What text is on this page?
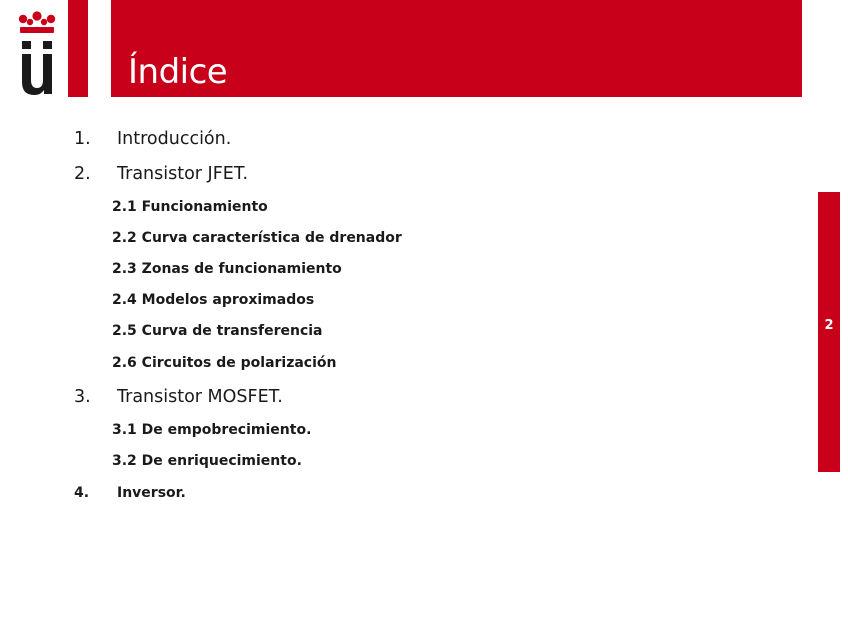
Índice
2
1. Introducción.
2. Transistor JFET.
2.1 Funcionamiento
2.2 Curva característica de drenador
2.3 Zonas de funcionamiento
2.4 Modelos aproximados
2.5 Curva de transferencia
2.6 Circuitos de polarización
3. Transistor MOSFET.
3.1 De empobrecimiento.
3.2 De enriquecimiento.
4. Inversor.
